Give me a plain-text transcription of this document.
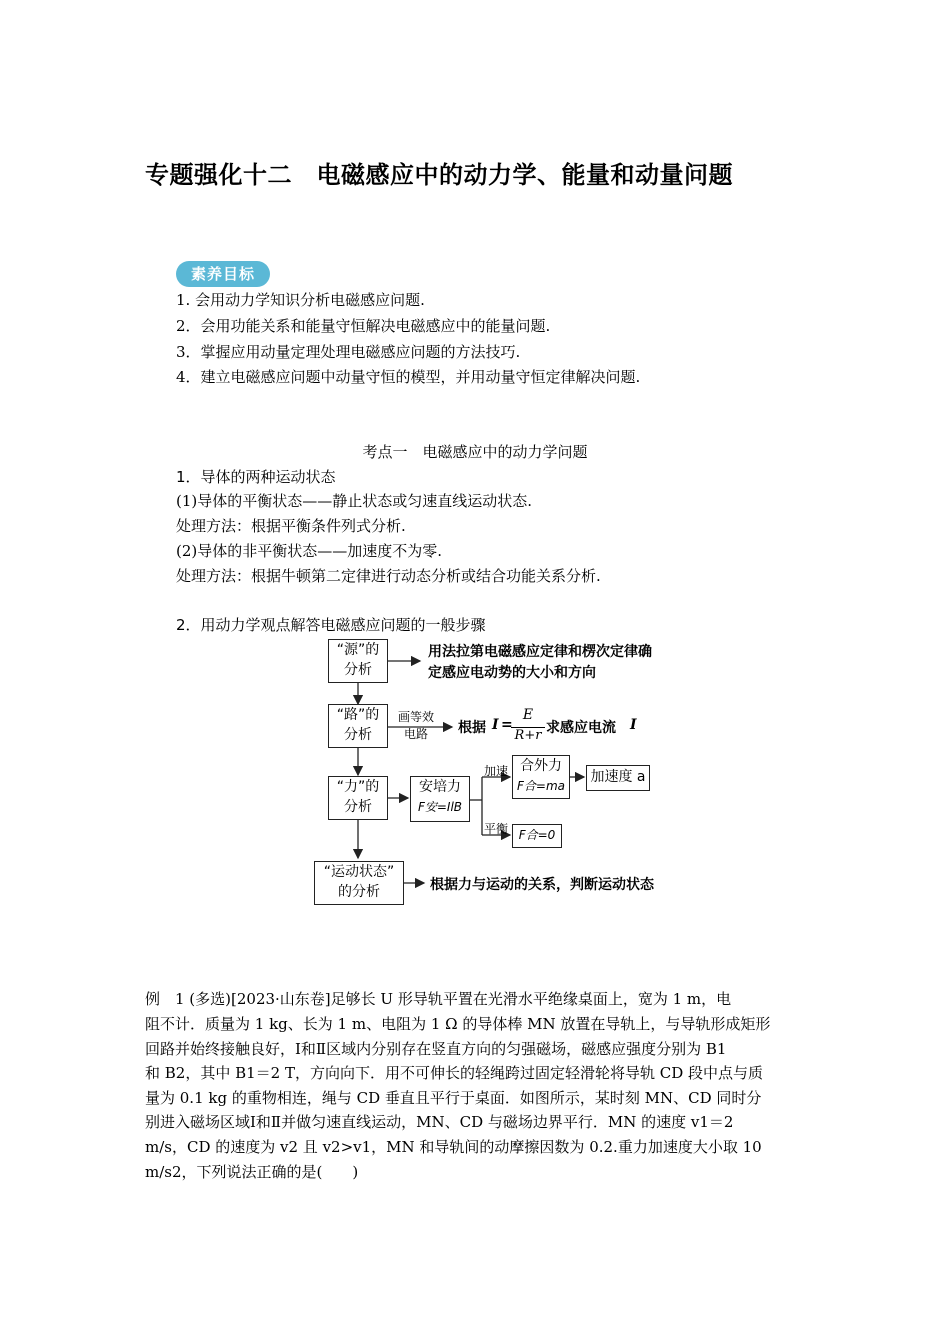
专题强化十二　电磁感应中的动力学、能量和动量问题
素养目标
1. 会用动力学知识分析电磁感应问题.
2．会用功能关系和能量守恒解决电磁感应中的能量问题.
3．掌握应用动量定理处理电磁感应问题的方法技巧.
4．建立电磁感应问题中动量守恒的模型，并用动量守恒定律解决问题.
考点一　电磁感应中的动力学问题
1．导体的两种运动状态
(1)导体的平衡状态——静止状态或匀速直线运动状态.
处理方法：根据平衡条件列式分析.
(2)导体的非平衡状态——加速度不为零.
处理方法：根据牛顿第二定律进行动态分析或结合功能关系分析.
2．用动力学观点解答电磁感应问题的一般步骤
“源”的
分析
用法拉第电磁感应定律和楞次定律确
定感应电动势的大小和方向
“路”的
分析
画等效
电路	根据 I =
E
R+r 求感应电流 I
“力”的
分析
安培力
F安=IlB
加速
平衡
合外力
F合=ma
加速度 a
F合=0
“运动状态”
的分析	根据力与运动的关系，判断运动状态
例　1 (多选)[2023·山东卷]足够长 U 形导轨平置在光滑水平绝缘桌面上，宽为 1 m，电
阻不计．质量为 1 kg、长为 1 m、电阻为 1 Ω 的导体棒 MN 放置在导轨上，与导轨形成矩形
回路并始终接触良好，Ⅰ和Ⅱ区域内分别存在竖直方向的匀强磁场，磁感应强度分别为 B1
和 B2，其中 B1＝2 T，方向向下．用不可伸长的轻绳跨过固定轻滑轮将导轨 CD 段中点与质
量为 0.1 kg 的重物相连，绳与 CD 垂直且平行于桌面．如图所示，某时刻 MN、CD 同时分
别进入磁场区域Ⅰ和Ⅱ并做匀速直线运动，MN、CD 与磁场边界平行．MN 的速度 v1＝2
m/s，CD 的速度为 v2 且 v2>v1，MN 和导轨间的动摩擦因数为 0.2.重力加速度大小取 10
m/s2，下列说法正确的是(　　)
